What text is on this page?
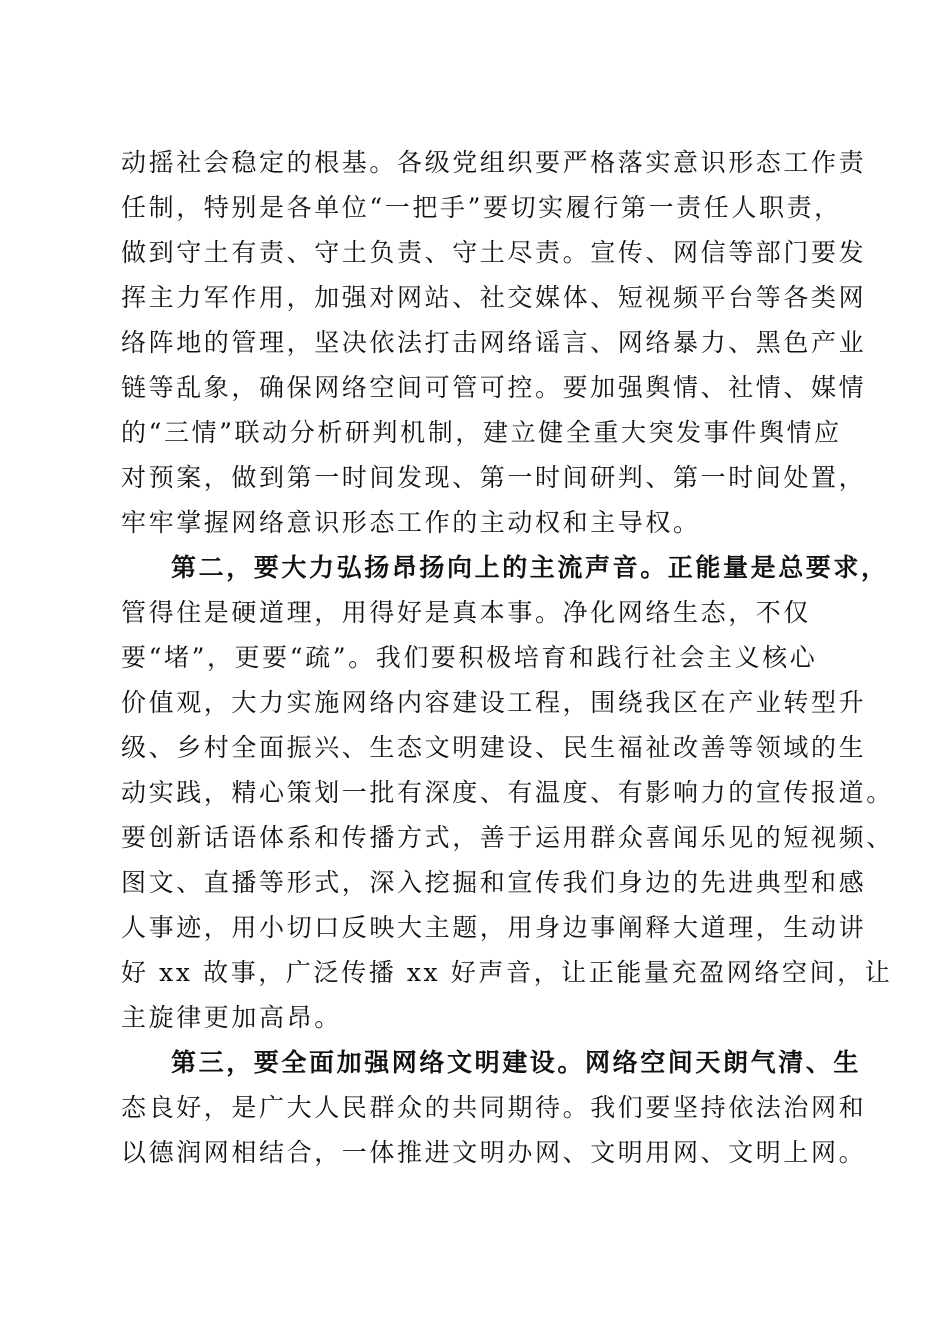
动摇社会稳定的根基。各级党组织要严格落实意识形态工作责
任制，特别是各单位“一把手”要切实履行第一责任人职责，
做到守土有责、守土负责、守土尽责。宣传、网信等部门要发
挥主力军作用，加强对网站、社交媒体、短视频平台等各类网
络阵地的管理，坚决依法打击网络谣言、网络暴力、黑色产业
链等乱象，确保网络空间可管可控。要加强舆情、社情、媒情
的“三情”联动分析研判机制，建立健全重大突发事件舆情应
对预案，做到第一时间发现、第一时间研判、第一时间处置，
牢牢掌握网络意识形态工作的主动权和主导权。
第二，要大力弘扬昂扬向上的主流声音。正能量是总要求，
管得住是硬道理，用得好是真本事。净化网络生态，不仅
要“堵”，更要“疏”。我们要积极培育和践行社会主义核心
价值观，大力实施网络内容建设工程，围绕我区在产业转型升
级、乡村全面振兴、生态文明建设、民生福祉改善等领域的生
动实践，精心策划一批有深度、有温度、有影响力的宣传报道。
要创新话语体系和传播方式，善于运用群众喜闻乐见的短视频、
图文、直播等形式，深入挖掘和宣传我们身边的先进典型和感
人事迹，用小切口反映大主题，用身边事阐释大道理，生动讲
好 xx 故事，广泛传播 xx 好声音，让正能量充盈网络空间，让
主旋律更加高昂。
第三，要全面加强网络文明建设。网络空间天朗气清、生
态良好，是广大人民群众的共同期待。我们要坚持依法治网和
以德润网相结合，一体推进文明办网、文明用网、文明上网。
